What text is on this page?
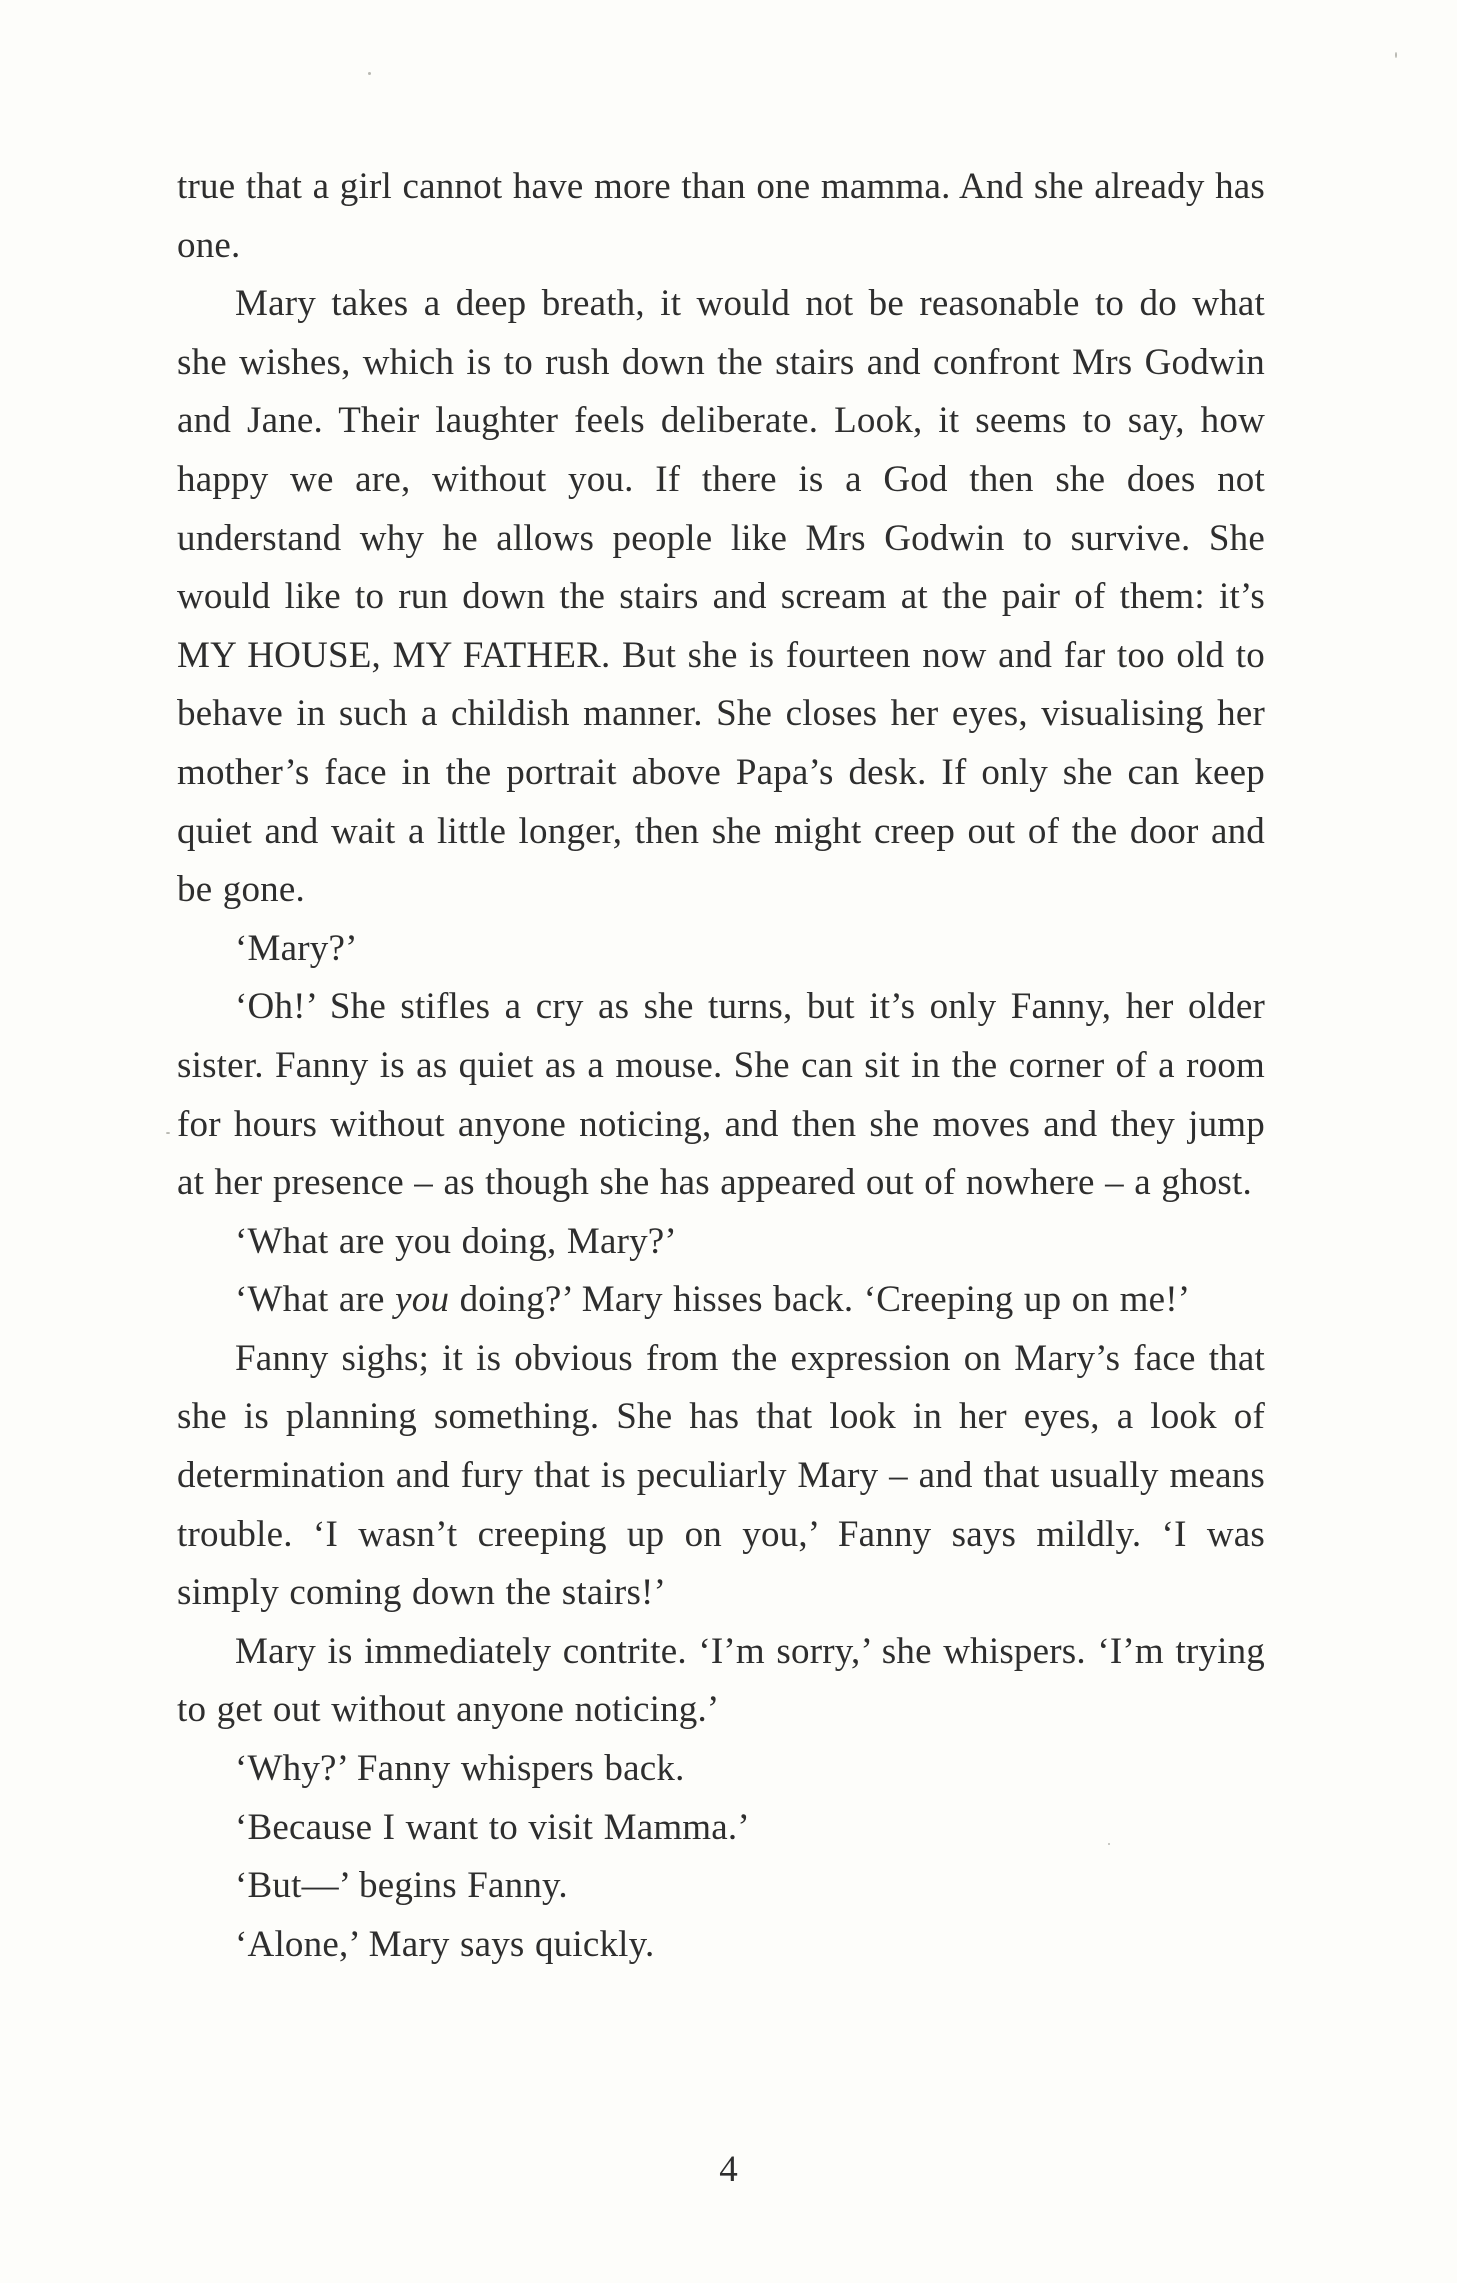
true that a girl cannot have more than one mamma. And she already has one.

Mary takes a deep breath, it would not be reasonable to do what she wishes, which is to rush down the stairs and confront Mrs Godwin and Jane. Their laughter feels deliberate. Look, it seems to say, how happy we are, without you. If there is a God then she does not understand why he allows people like Mrs Godwin to survive. She would like to run down the stairs and scream at the pair of them: it’s MY HOUSE, MY FATHER. But she is fourteen now and far too old to behave in such a childish manner. She closes her eyes, visualising her mother’s face in the portrait above Papa’s desk. If only she can keep quiet and wait a little longer, then she might creep out of the door and be gone.

‘Mary?’

‘Oh!’ She stifles a cry as she turns, but it’s only Fanny, her older sister. Fanny is as quiet as a mouse. She can sit in the corner of a room for hours without anyone noticing, and then she moves and they jump at her presence – as though she has appeared out of nowhere – a ghost.

‘What are you doing, Mary?’

‘What are you doing?’ Mary hisses back. ‘Creeping up on me!’

Fanny sighs; it is obvious from the expression on Mary’s face that she is planning something. She has that look in her eyes, a look of determination and fury that is peculiarly Mary – and that usually means trouble. ‘I wasn’t creeping up on you,’ Fanny says mildly. ‘I was simply coming down the stairs!’

Mary is immediately contrite. ‘I’m sorry,’ she whispers. ‘I’m trying to get out without anyone noticing.’

‘Why?’ Fanny whispers back.

‘Because I want to visit Mamma.’

‘But—’ begins Fanny.

‘Alone,’ Mary says quickly.

4
